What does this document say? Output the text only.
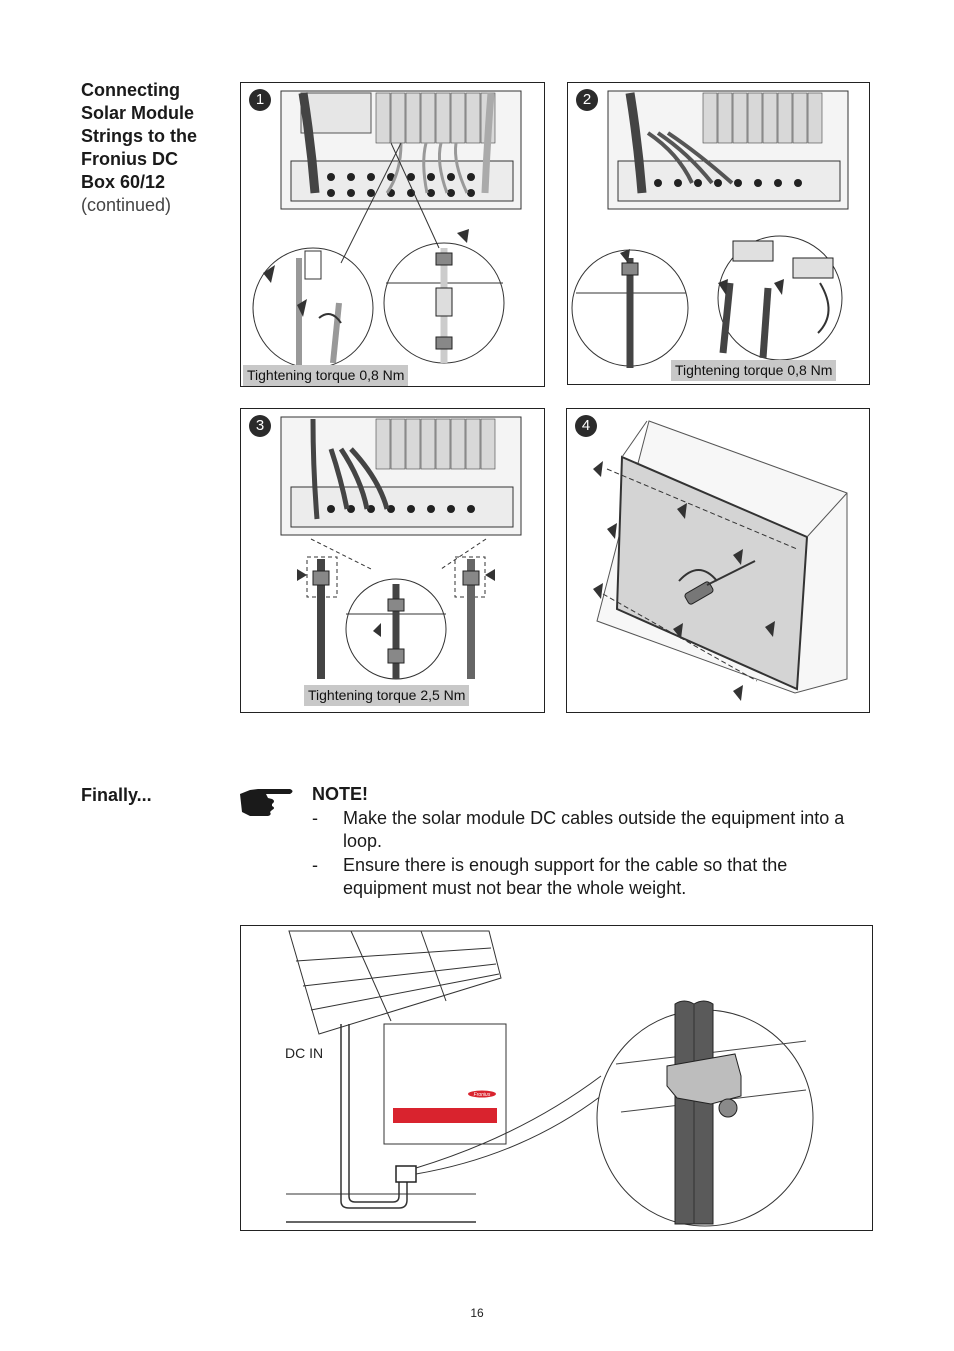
Connecting
Solar Module
Strings to the
Fronius DC
Box 60/12
(continued)
1
Tightening torque 0,8 Nm
2
Tightening torque 0,8 Nm
3
Tightening torque 2,5 Nm
4
Finally...	NOTE!
- Make the solar module DC cables outside the equipment into a loop.
- Ensure there is enough support for the cable so that the equipment must not bear the whole weight.
Fronius
DC IN
16
